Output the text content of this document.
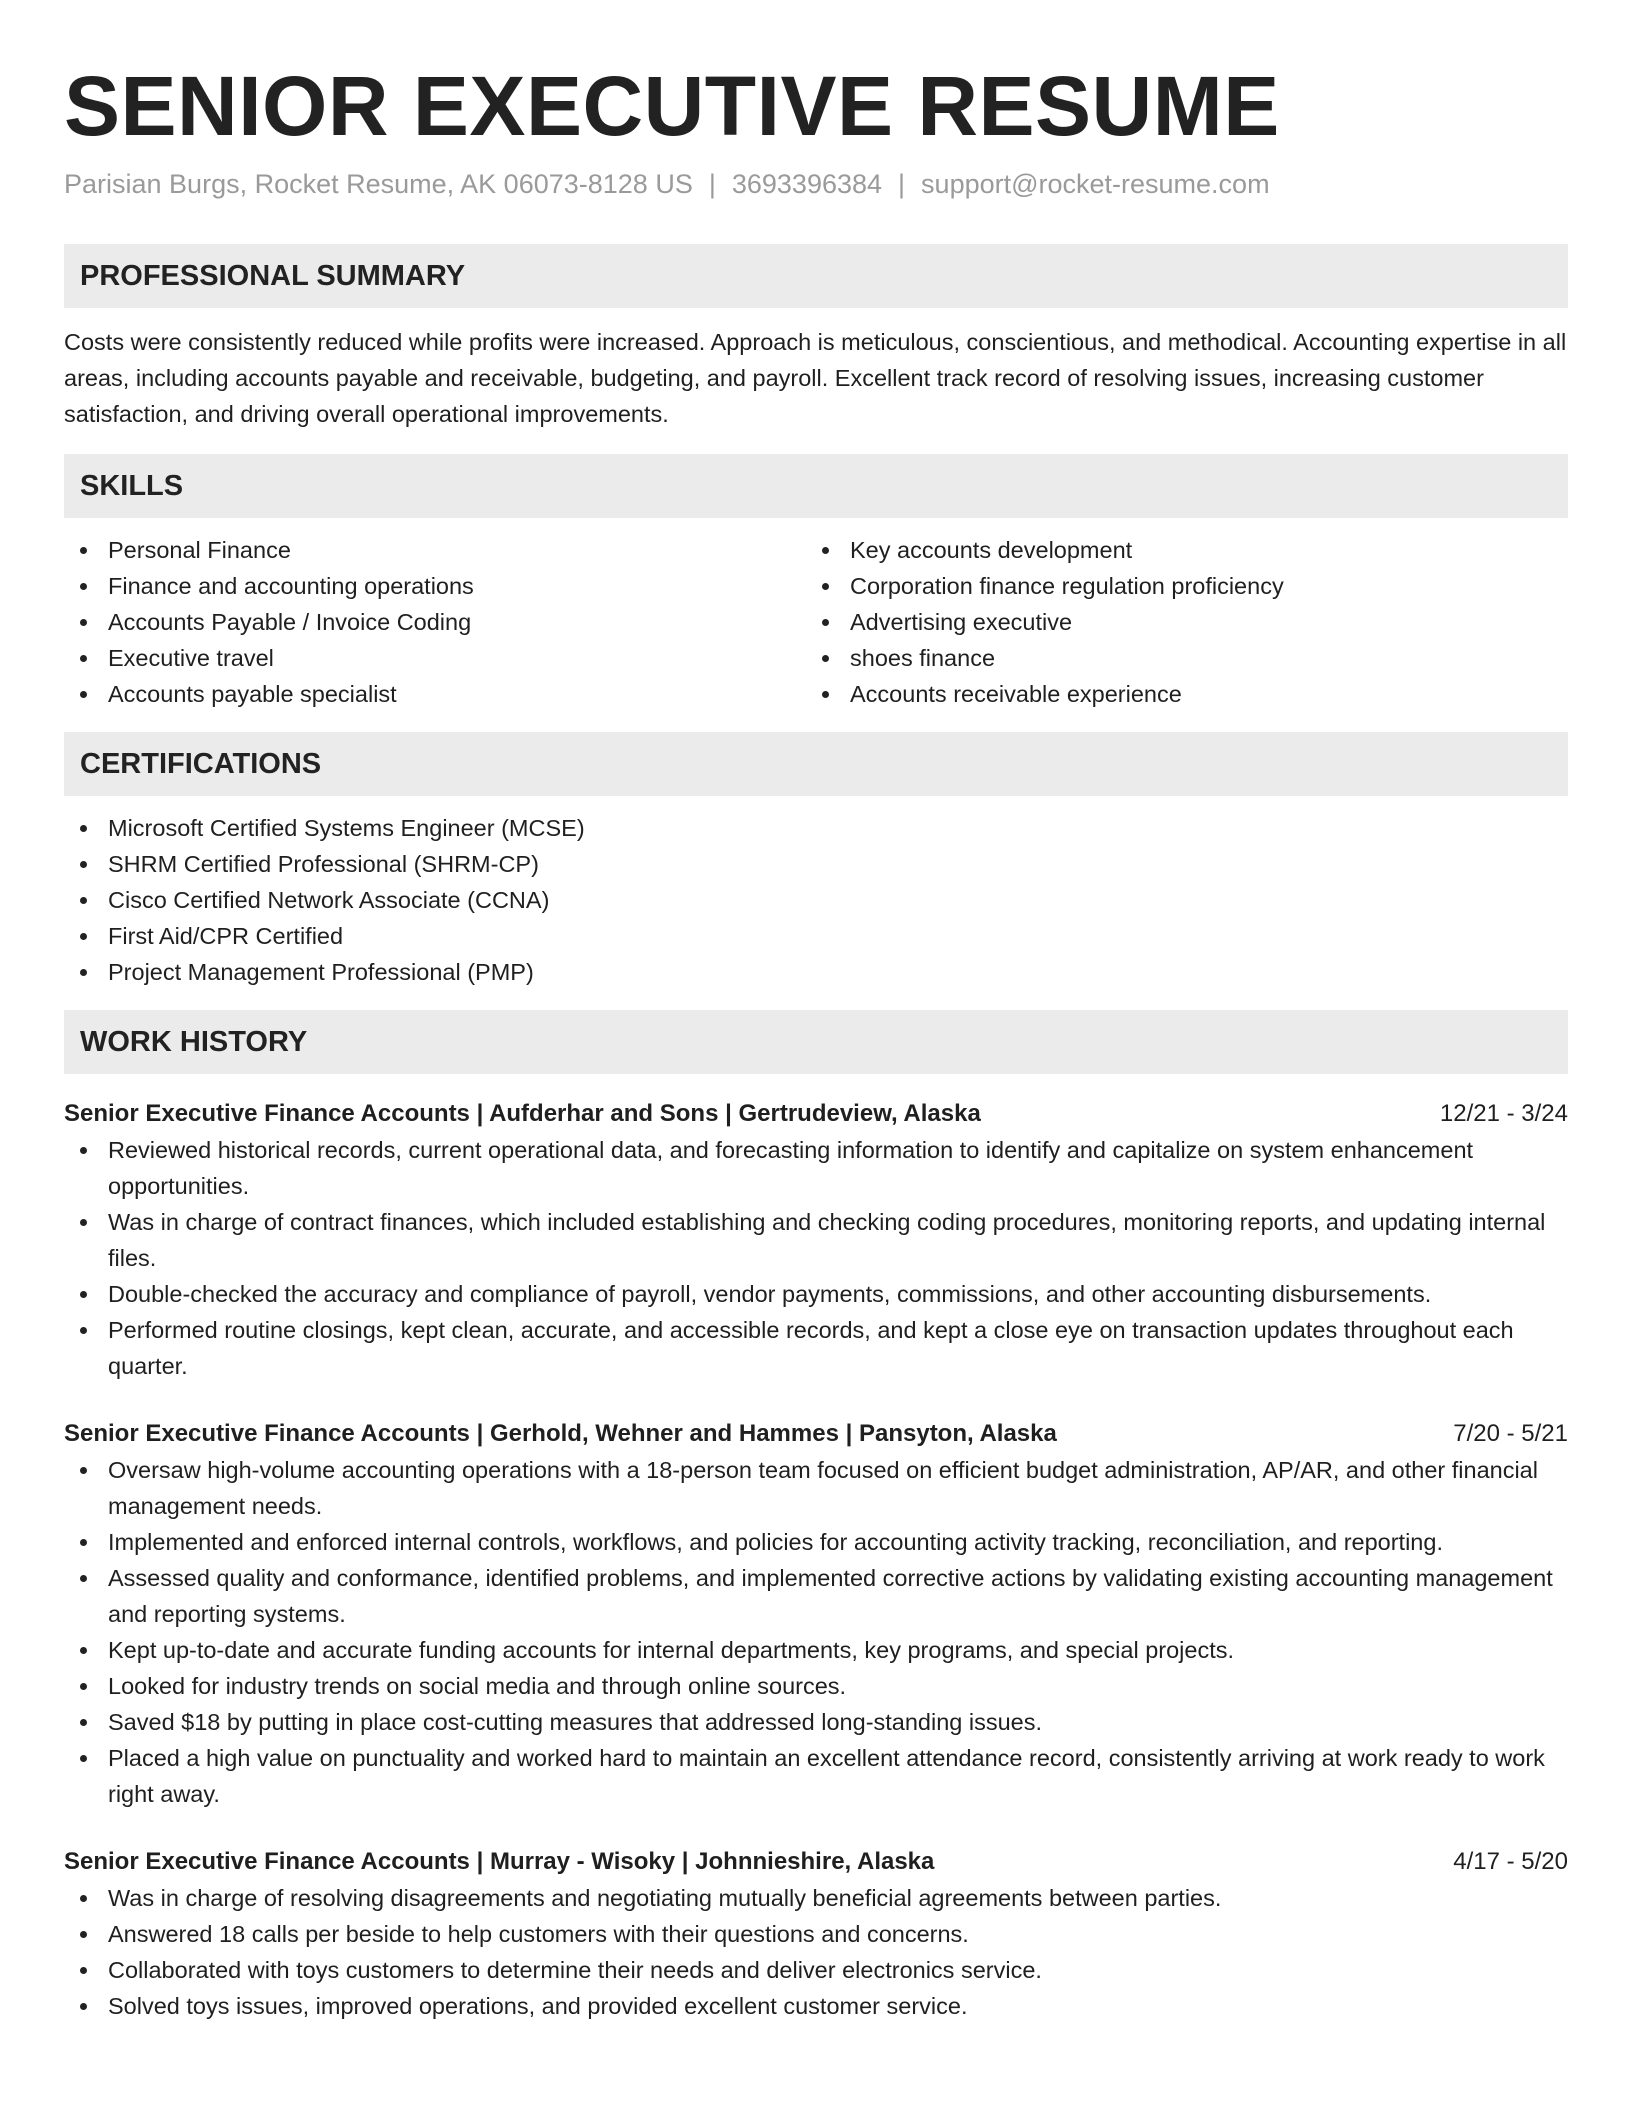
SENIOR EXECUTIVE RESUME
Parisian Burgs, Rocket Resume, AK 06073-8128 US | 3693396384 | support@rocket-resume.com
PROFESSIONAL SUMMARY

Costs were consistently reduced while profits were increased. Approach is meticulous, conscientious, and methodical. Accounting expertise in all areas, including accounts payable and receivable, budgeting, and payroll. Excellent track record of resolving issues, increasing customer satisfaction, and driving overall operational improvements.

SKILLS
Personal Finance
Finance and accounting operations
Accounts Payable / Invoice Coding
Executive travel
Accounts payable specialist
Key accounts development
Corporation finance regulation proficiency
Advertising executive
shoes finance
Accounts receivable experience
CERTIFICATIONS
Microsoft Certified Systems Engineer (MCSE)
SHRM Certified Professional (SHRM-CP)
Cisco Certified Network Associate (CCNA)
First Aid/CPR Certified
Project Management Professional (PMP)
WORK HISTORY
Senior Executive Finance Accounts | Aufderhar and Sons | Gertrudeview, Alaska	12/21 - 3/24
Reviewed historical records, current operational data, and forecasting information to identify and capitalize on system enhancement opportunities.
Was in charge of contract finances, which included establishing and checking coding procedures, monitoring reports, and updating internal files.
Double-checked the accuracy and compliance of payroll, vendor payments, commissions, and other accounting disbursements.
Performed routine closings, kept clean, accurate, and accessible records, and kept a close eye on transaction updates throughout each quarter.
Senior Executive Finance Accounts | Gerhold, Wehner and Hammes | Pansyton, Alaska	7/20 - 5/21
Oversaw high-volume accounting operations with a 18-person team focused on efficient budget administration, AP/AR, and other financial management needs.
Implemented and enforced internal controls, workflows, and policies for accounting activity tracking, reconciliation, and reporting.
Assessed quality and conformance, identified problems, and implemented corrective actions by validating existing accounting management and reporting systems.
Kept up-to-date and accurate funding accounts for internal departments, key programs, and special projects.
Looked for industry trends on social media and through online sources.
Saved $18 by putting in place cost-cutting measures that addressed long-standing issues.
Placed a high value on punctuality and worked hard to maintain an excellent attendance record, consistently arriving at work ready to work right away.
Senior Executive Finance Accounts | Murray - Wisoky | Johnnieshire, Alaska	4/17 - 5/20
Was in charge of resolving disagreements and negotiating mutually beneficial agreements between parties.
Answered 18 calls per beside to help customers with their questions and concerns.
Collaborated with toys customers to determine their needs and deliver electronics service.
Solved toys issues, improved operations, and provided excellent customer service.
